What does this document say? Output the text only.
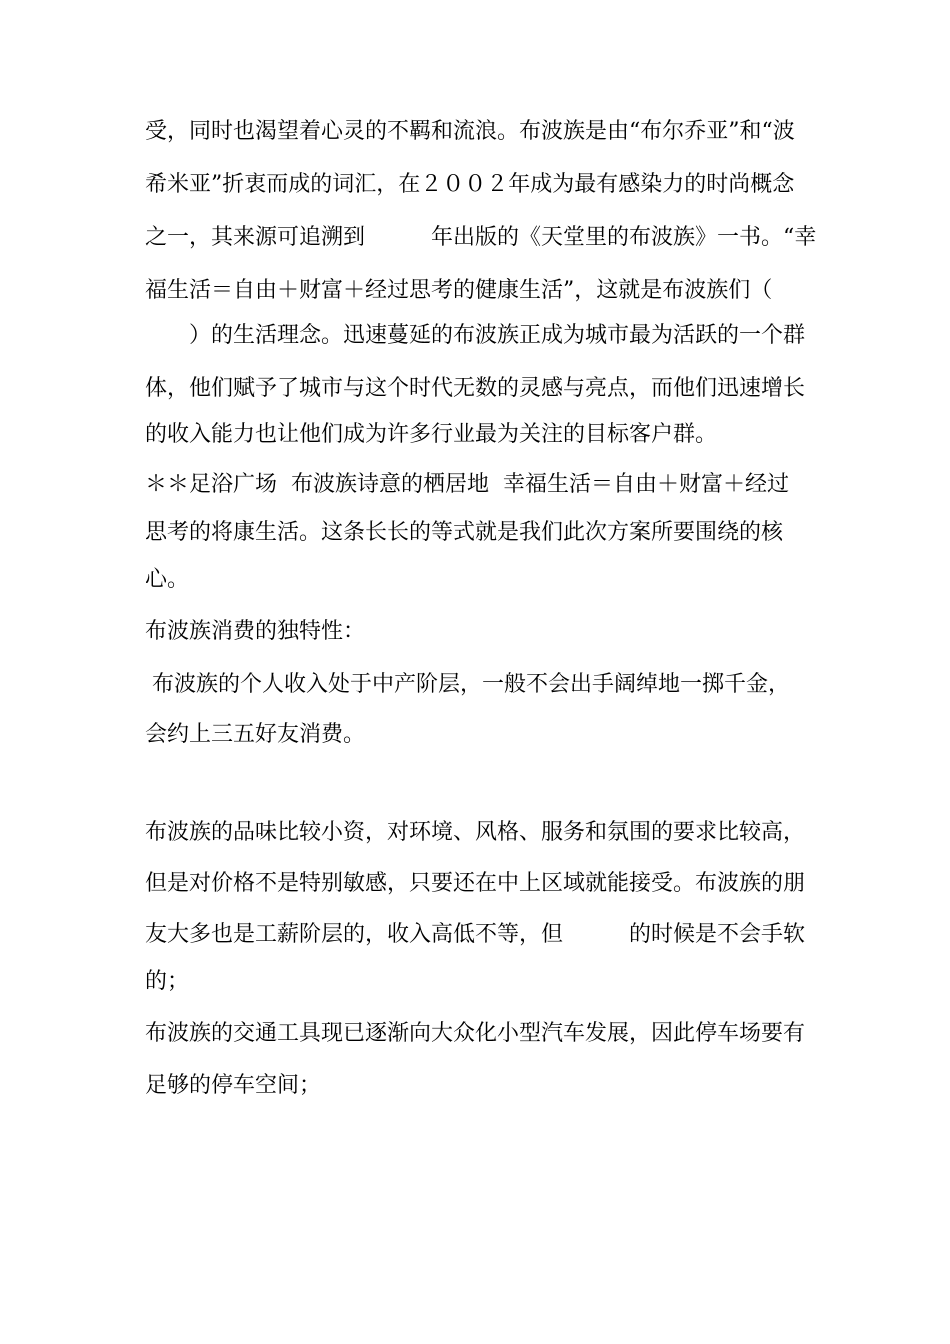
受，同时也渴望着心灵的不羁和流浪。布波族是由“布尔乔亚”和“波
希米亚”折衷而成的词汇，在２００２年成为最有感染力的时尚概念
之一，其来源可追溯到　　　年出版的《天堂里的布波族》一书。“幸
福生活＝自由＋财富＋经过思考的健康生活”，这就是布波族们（
　　）的生活理念。迅速蔓延的布波族正成为城市最为活跃的一个群
体，他们赋予了城市与这个时代无数的灵感与亮点，而他们迅速增长
的收入能力也让他们成为许多行业最为关注的目标客户群。
＊＊足浴广场  布波族诗意的栖居地  幸福生活＝自由＋财富＋经过
思考的将康生活。这条长长的等式就是我们此次方案所要围绕的核
心。
布波族消费的独特性：
布波族的个人收入处于中产阶层，一般不会出手阔绰地一掷千金，
会约上三五好友消费。
布波族的品味比较小资，对环境、风格、服务和氛围的要求比较高，
但是对价格不是特别敏感，只要还在中上区域就能接受。布波族的朋
友大多也是工薪阶层的，收入高低不等，但　　　的时候是不会手软
的；
布波族的交通工具现已逐渐向大众化小型汽车发展，因此停车场要有
足够的停车空间；
